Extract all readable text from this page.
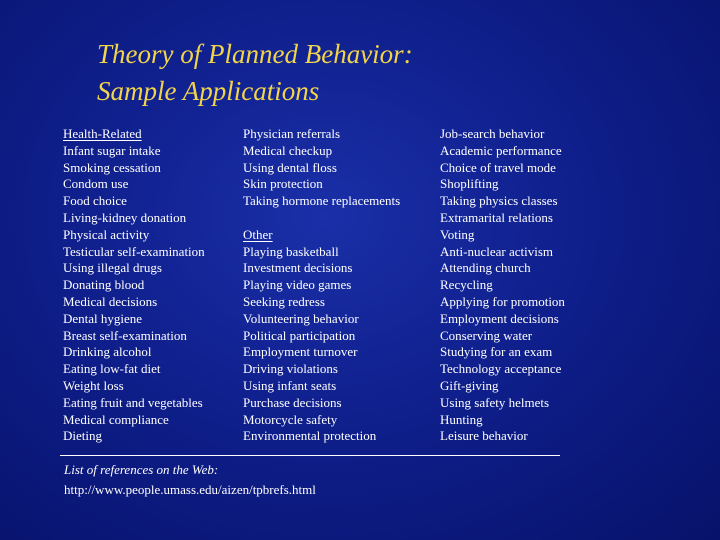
Theory of Planned Behavior:
Sample Applications
Health-Related
Infant sugar intake
Smoking cessation
Condom use
Food choice
Living-kidney donation
Physical activity
Testicular self-examination
Using illegal drugs
Donating blood
Medical decisions
Dental hygiene
Breast self-examination
Drinking alcohol
Eating low-fat diet
Weight loss
Eating fruit and vegetables
Medical compliance
Dieting
Physician referrals
Medical checkup
Using dental floss
Skin protection
Taking hormone replacements
Other
Playing basketball
Investment decisions
Playing video games
Seeking redress
Volunteering behavior
Political participation
Employment turnover
Driving violations
Using infant seats
Purchase decisions
Motorcycle safety
Environmental protection
Job-search behavior
Academic performance
Choice of travel mode
Shoplifting
Taking physics classes
Extramarital relations
Voting
Anti-nuclear activism
Attending church
Recycling
Applying for promotion
Employment decisions
Conserving water
Studying for an exam
Technology acceptance
Gift-giving
Using safety helmets
Hunting
Leisure behavior
List of references on the Web:
http://www.people.umass.edu/aizen/tpbrefs.html
